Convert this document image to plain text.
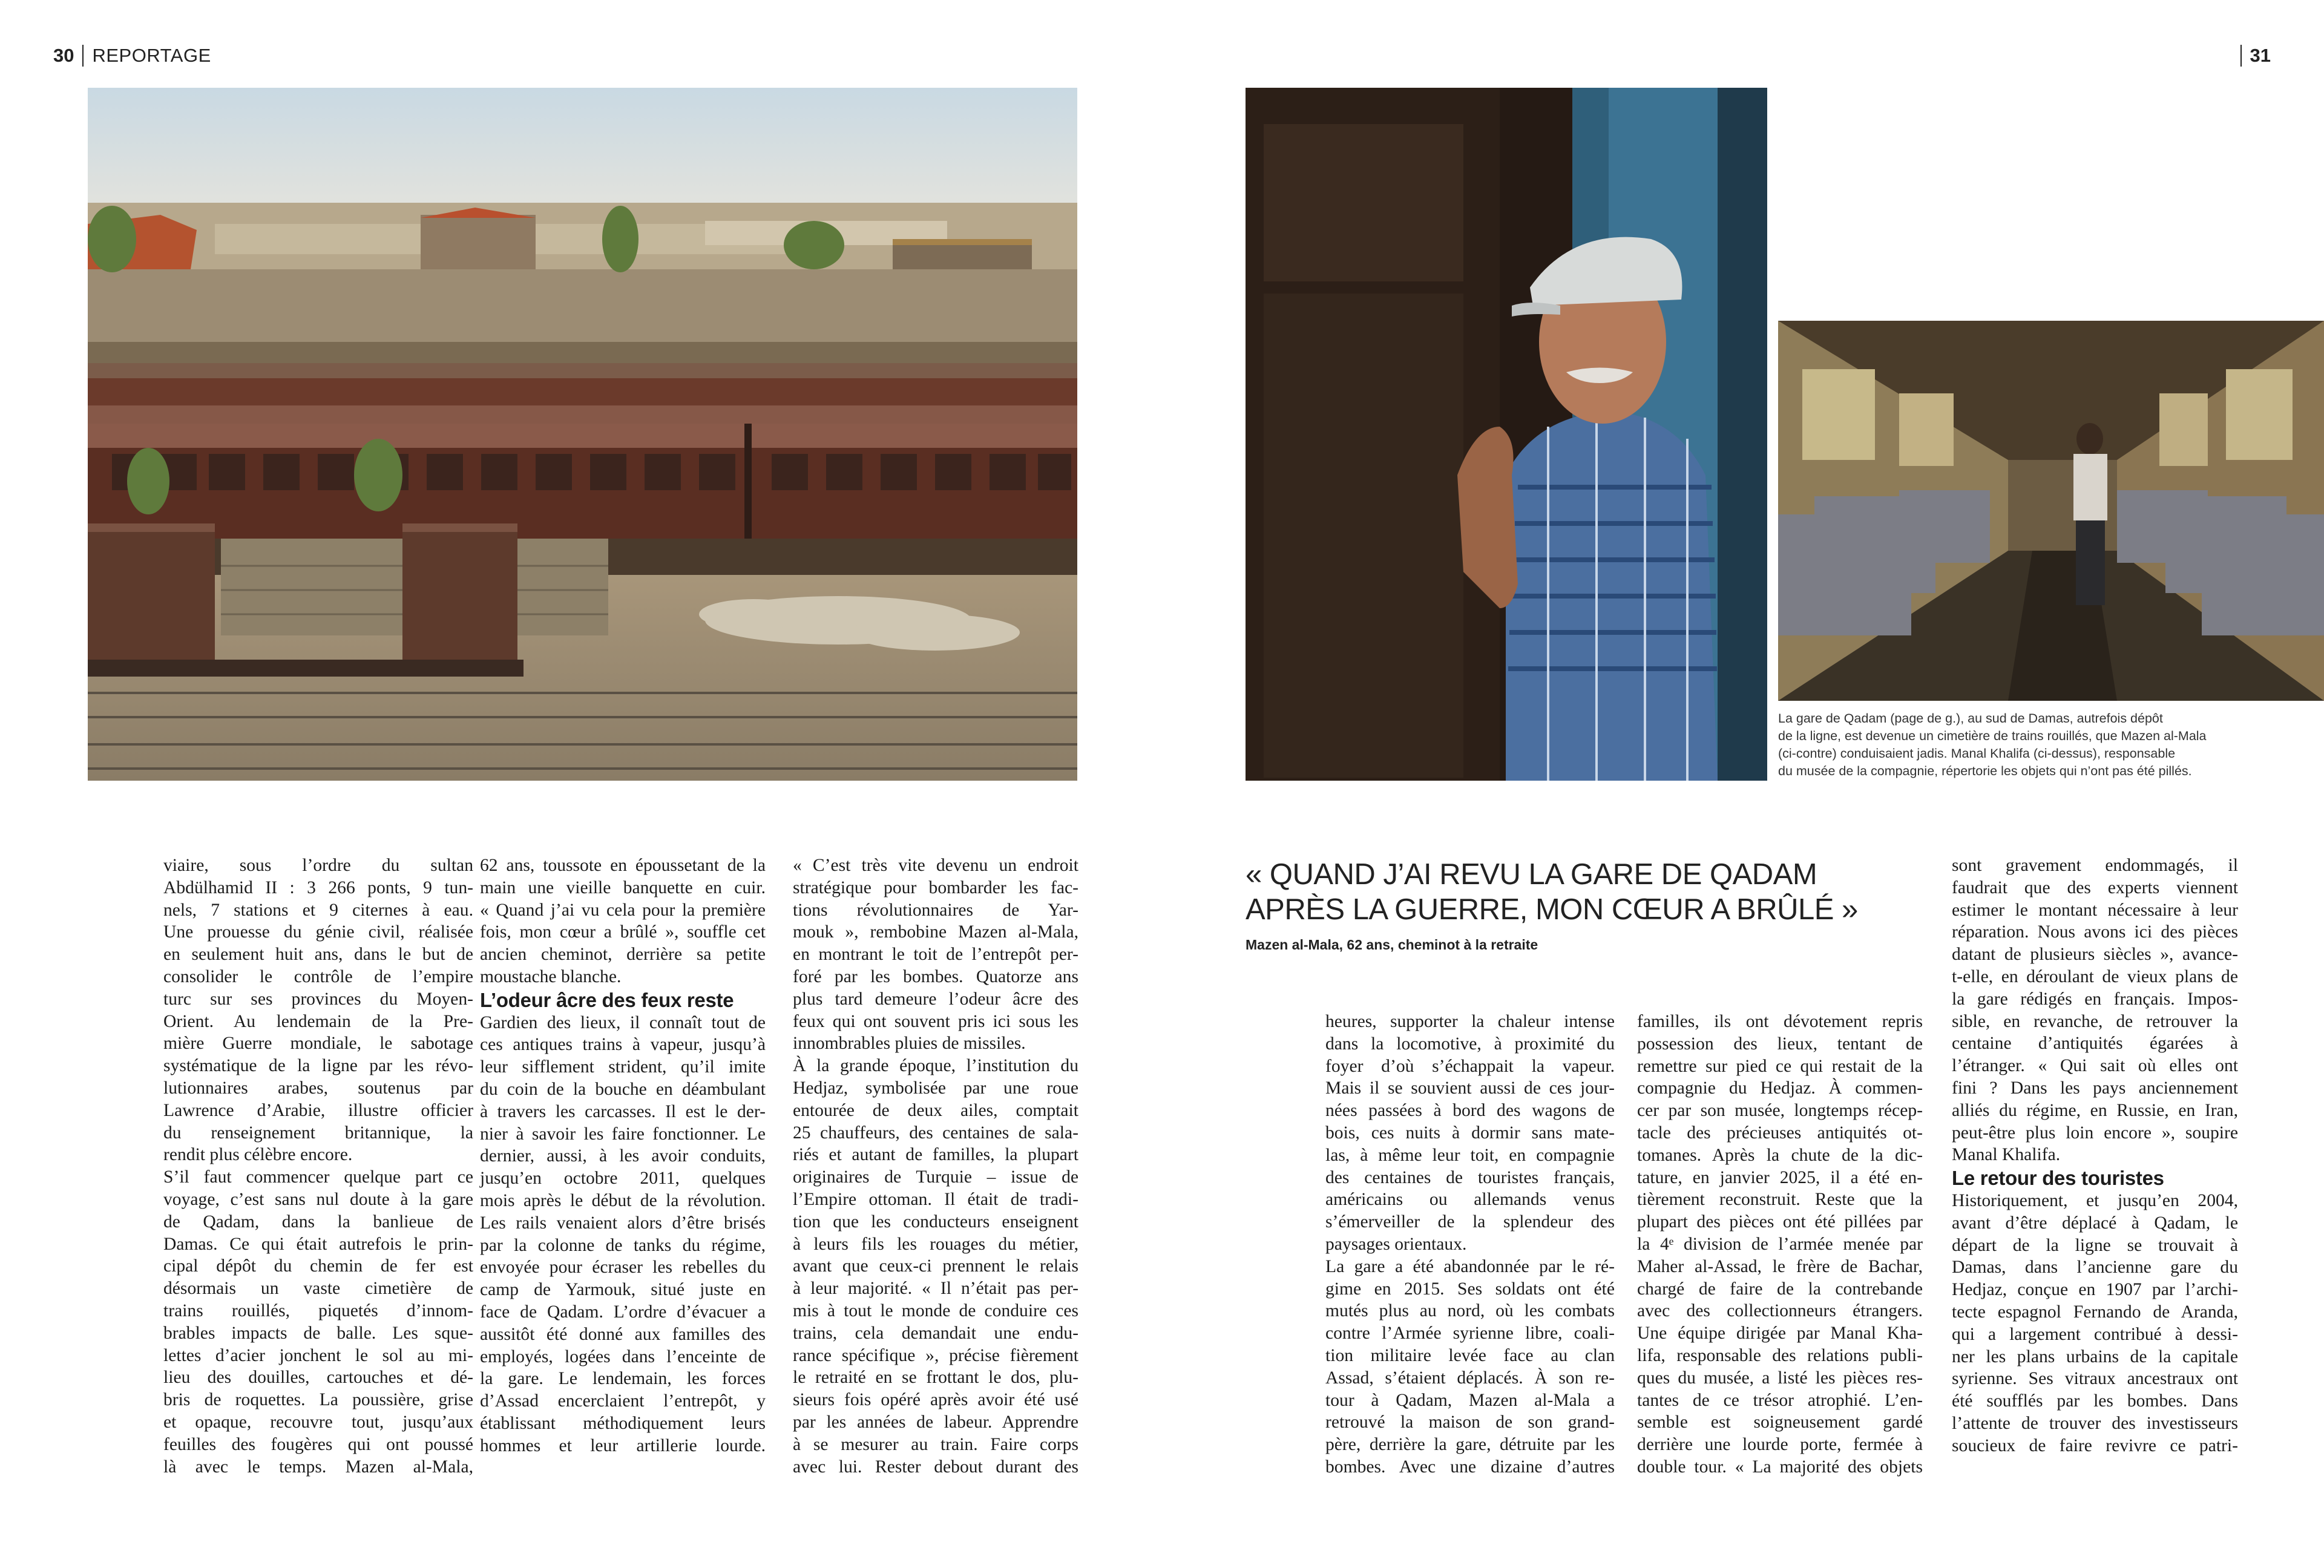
30 REPORTAGE	31
La gare de Qadam (page de g.), au sud de Damas, autrefois dépôt
de la ligne, est devenue un cimetière de trains rouillés, que Mazen al-Mala
(ci-contre) conduisaient jadis. Manal Khalifa (ci-dessus), responsable
du musée de la compagnie, répertorie les objets qui n’ont pas été pillés.
« QUAND J’AI REVU LA GARE DE QADAM
APRÈS LA GUERRE, MON CŒUR A BRÛLÉ »
Mazen al-Mala, 62 ans, cheminot à la retraite
viaire, sous l’ordre du sultan
Abdülhamid II : 3 266 ponts, 9 tun-
nels, 7 stations et 9 citernes à eau.
Une prouesse du génie civil, réalisée
en seulement huit ans, dans le but de
consolider le contrôle de l’empire
turc sur ses provinces du Moyen-
Orient. Au lendemain de la Pre-
mière Guerre mondiale, le sabotage
systématique de la ligne par les révo-
lutionnaires arabes, soutenus par
Lawrence d’Arabie, illustre officier
du renseignement britannique, la
rendit plus célèbre encore.
S’il faut commencer quelque part ce
voyage, c’est sans nul doute à la gare
de Qadam, dans la banlieue de
Damas. Ce qui était autrefois le prin-
cipal dépôt du chemin de fer est
désormais un vaste cimetière de
trains rouillés, piquetés d’innom-
brables impacts de balle. Les sque-
lettes d’acier jonchent le sol au mi-
lieu des douilles, cartouches et dé-
bris de roquettes. La poussière, grise
et opaque, recouvre tout, jusqu’aux
feuilles des fougères qui ont poussé
là avec le temps. Mazen al-Mala,
62 ans, toussote en époussetant de la
main une vieille banquette en cuir.
« Quand j’ai vu cela pour la première
fois, mon cœur a brûlé », souffle cet
ancien cheminot, derrière sa petite
moustache blanche.
L’odeur âcre des feux reste
Gardien des lieux, il connaît tout de
ces antiques trains à vapeur, jusqu’à
leur sifflement strident, qu’il imite
du coin de la bouche en déambulant
à travers les carcasses. Il est le der-
nier à savoir les faire fonctionner. Le
dernier, aussi, à les avoir conduits,
jusqu’en octobre 2011, quelques
mois après le début de la révolution.
Les rails venaient alors d’être brisés
par la colonne de tanks du régime,
envoyée pour écraser les rebelles du
camp de Yarmouk, situé juste en
face de Qadam. L’ordre d’évacuer a
aussitôt été donné aux familles des
employés, logées dans l’enceinte de
la gare. Le lendemain, les forces
d’Assad encerclaient l’entrepôt, y
établissant méthodiquement leurs
hommes et leur artillerie lourde.
« C’est très vite devenu un endroit
stratégique pour bombarder les fac-
tions révolutionnaires de Yar-
mouk », rembobine Mazen al-Mala,
en montrant le toit de l’entrepôt per-
foré par les bombes. Quatorze ans
plus tard demeure l’odeur âcre des
feux qui ont souvent pris ici sous les
innombrables pluies de missiles.
À la grande époque, l’institution du
Hedjaz, symbolisée par une roue
entourée de deux ailes, comptait
25 chauffeurs, des centaines de sala-
riés et autant de familles, la plupart
originaires de Turquie – issue de
l’Empire ottoman. Il était de tradi-
tion que les conducteurs enseignent
à leurs fils les rouages du métier,
avant que ceux-ci prennent le relais
à leur majorité. « Il n’était pas per-
mis à tout le monde de conduire ces
trains, cela demandait une endu-
rance spécifique », précise fièrement
le retraité en se frottant le dos, plu-
sieurs fois opéré après avoir été usé
par les années de labeur. Apprendre
à se mesurer au train. Faire corps
avec lui. Rester debout durant des
heures, supporter la chaleur intense
dans la locomotive, à proximité du
foyer d’où s’échappait la vapeur.
Mais il se souvient aussi de ces jour-
nées passées à bord des wagons de
bois, ces nuits à dormir sans mate-
las, à même leur toit, en compagnie
des centaines de touristes français,
américains ou allemands venus
s’émerveiller de la splendeur des
paysages orientaux.
La gare a été abandonnée par le ré-
gime en 2015. Ses soldats ont été
mutés plus au nord, où les combats
contre l’Armée syrienne libre, coali-
tion militaire levée face au clan
Assad, s’étaient déplacés. À son re-
tour à Qadam, Mazen al-Mala a
retrouvé la maison de son grand-
père, derrière la gare, détruite par les
bombes. Avec une dizaine d’autres
familles, ils ont dévotement repris
possession des lieux, tentant de
remettre sur pied ce qui restait de la
compagnie du Hedjaz. À commen-
cer par son musée, longtemps récep-
tacle des précieuses antiquités ot-
tomanes. Après la chute de la dic-
tature, en janvier 2025, il a été en-
tièrement reconstruit. Reste que la
plupart des pièces ont été pillées par
la 4ᵉ division de l’armée menée par
Maher al-Assad, le frère de Bachar,
chargé de faire de la contrebande
avec des collectionneurs étrangers.
Une équipe dirigée par Manal Kha-
lifa, responsable des relations publi-
ques du musée, a listé les pièces res-
tantes de ce trésor atrophié. L’en-
semble est soigneusement gardé
derrière une lourde porte, fermée à
double tour. « La majorité des objets
sont gravement endommagés, il
faudrait que des experts viennent
estimer le montant nécessaire à leur
réparation. Nous avons ici des pièces
datant de plusieurs siècles », avance-
t-elle, en déroulant de vieux plans de
la gare rédigés en français. Impos-
sible, en revanche, de retrouver la
centaine d’antiquités égarées à
l’étranger. « Qui sait où elles ont
fini ? Dans les pays anciennement
alliés du régime, en Russie, en Iran,
peut-être plus loin encore », soupire
Manal Khalifa.
Le retour des touristes
Historiquement, et jusqu’en 2004,
avant d’être déplacé à Qadam, le
départ de la ligne se trouvait à
Damas, dans l’ancienne gare du
Hedjaz, conçue en 1907 par l’archi-
tecte espagnol Fernando de Aranda,
qui a largement contribué à dessi-
ner les plans urbains de la capitale
syrienne. Ses vitraux ancestraux ont
été soufflés par les bombes. Dans
l’attente de trouver des investisseurs
soucieux de faire revivre ce patri-
